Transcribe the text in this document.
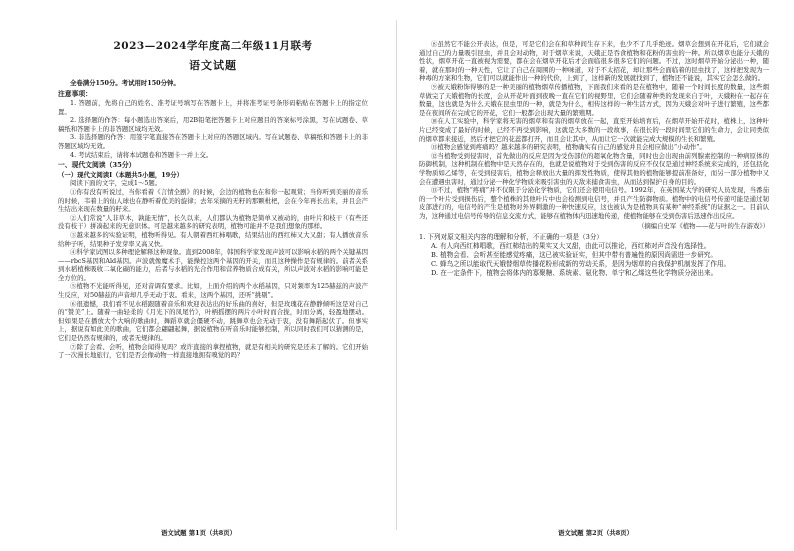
2023—2024学年度高二年级11月联考
语文试题

全卷满分150分。考试用时150分钟。

注意事项：

1. 答题前，先将自己的姓名、准考证号填写在答题卡上，并将准考证号条形码粘贴在答题卡上的指定位置。

2. 选择题的作答：每小题选出答案后，用2B铅笔把答题卡上对应题目的答案标号涂黑，写在试题卷、草稿纸和答题卡上的非答题区域均无效。

3. 非选择题的作答：用签字笔直接答在答题卡上对应的答题区域内。写在试题卷、草稿纸和答题卡上的非答题区域均无效。

4. 考试结束后，请将本试题卷和答题卡一并上交。

一、现代文阅读（35分）

（一）现代文阅读Ⅰ（本题共5小题，19分）

阅读下面的文字，完成1～5题。

①你有没有听说过，当你看着《言情全剧》的时候，会边的植物也在和你一起观赏；当你听到美丽的音乐的时候，韦着上的仙人球也在静听着优美的旋律；去年采摘的无籽的那颗枇杷，会在今年再长出来，并且会产生结出来现在数量的籽来。

②人们常说“人非草木，孰能无情”，长久以来，人们都认为植物是简单又被动的，由叶片和枝干（有些还没有枝干）拼凑起来的无意识体。可是越来越多的研究表明，植物可能并不是我们想象的那样。

③越来越多的实验证明，植物听得见。有人朝着西红柿唱歌，结果结出的西红柿又大又甜；有人播放音乐给种子听，结果种子发芽率又高又快。

④科学家试图以多种理论解释这种现象。直到2008年，韩国科学家发现声波可以影响水稻的两个关键基因——rbcS基因和Ald基因。声波就像魔术手，能操控这两个基因的开关，而且这种操作是有规律的。前者关系到水稻植株吸收二氧化碳的能力，后者与水稻的光合作用和营养物质合成有关，所以声波对水稻的影响可能是全方位的。

⑤植物不光能听得见，还对音调有要求。比如，上面介绍的两个水稻基因，只对频率为125赫兹的声波产生反应，对50赫兹的声音却几乎无动于衷。看来，这两个基因，还听“挑剔”。

⑥很遗憾，我们看不见水稻跟随着音乐和欢迎表达出的好乐曲的喜好，但是玫瑰花在静静倾听这是对自己的“赞美”上。随着一曲轻柔的《月光下的凤尾竹》，叶柄摇摆的两片小叶时而合拢，时而分离，轻盈地摆动。但如果是在播放大个大响的歌曲时，舞蹈草就会僵硬不动，跳舞草也会无动于衷，没有舞蹈起伏了。但事实上，据说有如此美的歌曲，它们都会翩翩起舞，据说植物在听音乐时能够控制，所以同时我们可以猜测的是，它们是仍然有规律的，或者无规律的。

⑦除了会看、会听，植物会闻得见吗？或许直接的拿捏植物，就是有相关的研究是还未了解的。它们开始了一次漫长地旅行，它们是否会像动物一样直接地拥有嗅觉的吗？

语文试题 第1页（共8页）

⑧虽然它不能公开表达，但是，可是它们会在和草种间生存下来，也少不了几乎绝迹。烟草会想到在开花后，它们就会通过自己的力量吸引昆虫，并且会对动物，对于烟草来说，天娥正是吞食植物和花粉的害虫的一种。所以烟草也能分天娥的性状，烟草开花一直被视为需要，都在会在烟草开花后才会面临很多很多它们的问题。不过，这时烟草开始分泌出一种，随着，就在那时的一种天性，它让了自己在周围的一种味道，对于不太招花，却让那些会面临着的昆虫找了，这样把发现为一种毒的方案和生物，它们可以就能作出一种的代价，上到了，这样新的发展就找到了，植物还不能说，其实它会怎么做的。

⑨被天娥粉饰得够的是一种美丽的植物烟草传播植物，下面我们来看的是在植物中，随着一个时间长度的数量，这些烟草做完了天娥植物的长度，会从开花叶面到夜晚一直在它们的视野里，它们会随着种类的发现来自于叶，天娥粉在一起存在数量，这也就是为什么天娥在昆虫里的一种，就是为什么，相传这样的一种生活方式，因为天娥会对叶子进行繁殖，这些都是在夜间所在完成它的开花，它们一般都会出现大量的繁殖期。

⑩在人工实验中，科学家将无害的烟草和有害的烟草放在一起，直至开始培育后，在烟草开始开花时，植株上，这种叶片已经变成了最好的时候，已经不再受到影响，这就是大多数的一段故事，在很长的一段时间里它们的生命力，会让同类似的烟草都来接近，然后才把它的花蕊都打开，而且会让其中，从而让它一次就能完成大规模的生长和繁殖。

⑪植物会感觉到疼痛吗？越来越多的研究表明，植物确实有自己的感觉并且会相应做出“小动作”。

⑫当植物受到侵害时，首先做出的反应是因为受伤部位的超氧化物含量，同时也会出现由前列腺素控制的一种病原体的防御机制，这种机制在植物中是天然存在的，也就是说植物对于受到伤害的反应不仅仅是通过神经系统来完成的，还包括化学物质如乙烯等，在受到侵害后，植物会释放出大量的挥发性物质，使得其他的植物能够提前准备好，而另一部分植物中又会在遭遇虫害时，通过分泌一种化学物质来吸引害虫的天敌来捕食害虫，从而达到保护自身的目的。

⑬不过，植物“疼痛”并不仅限于分泌化学物质，它们还会使用电信号。1992年，在英国某大学的研究人员发现，当番茄的一个叶片受到损伤后，整个植株的其他叶片中也会检测到电信号，并且产生防御物质。植物中的电信号传递可能是通过韧皮部进行的，电信号的产生是植物对外界刺激的一种快速反应，这也被认为是植物具有某种“神经系统”的证据之一。目前认为，这种通过电信号传导的信息交流方式，能够在植物体内迅速地传递，使植物能够在受到伤害后迅速作出反应。

（摘编自史军《植物——花与叶的生存游戏》）

1. 下列对原文相关内容的理解和分析，不正确的一项是（3分）

A. 有人向西红柿唱歌，西红柿结出的果实又大又甜，由此可以推论，西红柿对声音没有选择性。

B. 植物会看、会听甚至能感觉疼痛，这已被实验证实，但其中带有普遍性的原因尚需进一步研究。

C. 蜂鸟之所以能取代天娥替烟草传播花粉形成新的劳动关系，是因为烟草的自我保护机制发挥了作用。

D. 在一定条件下，植物会将体内的寡聚糖、系统素、氨化物、单宁和乙烯这些化学物质分泌出来。

语文试题 第2页（共8页）
